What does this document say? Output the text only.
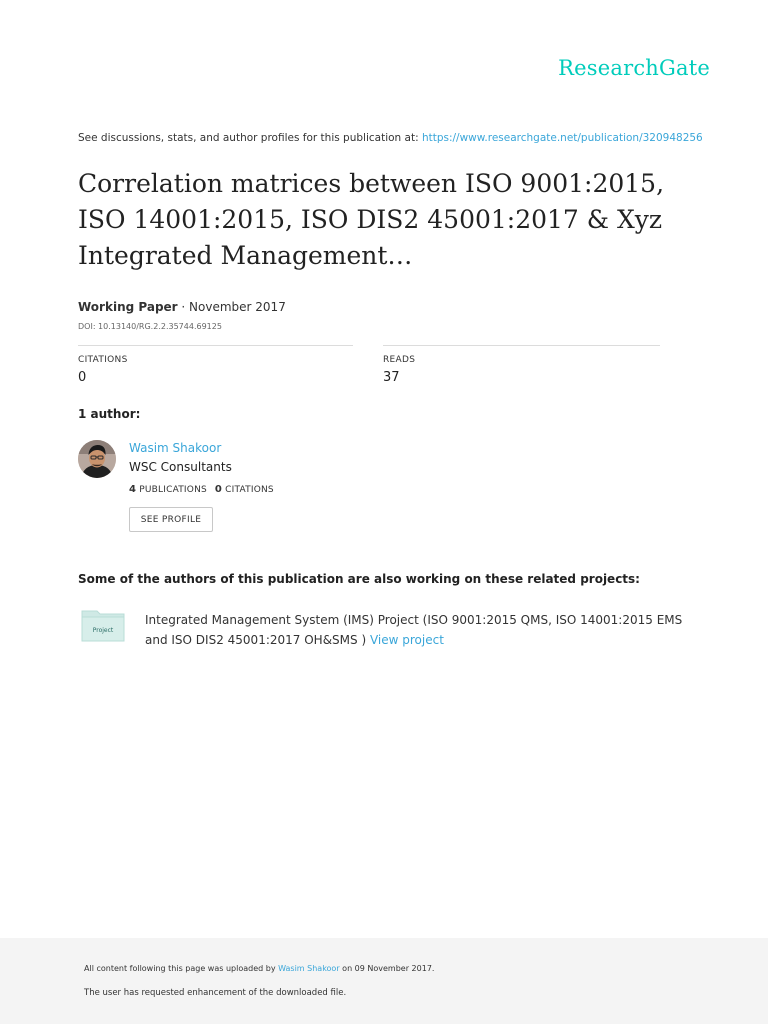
ResearchGate
See discussions, stats, and author profiles for this publication at: https://www.researchgate.net/publication/320948256
Correlation matrices between ISO 9001:2015, ISO 14001:2015, ISO DIS2 45001:2017 & Xyz Integrated Management…
Working Paper · November 2017
DOI: 10.13140/RG.2.2.35744.69125
CITATIONS
0
READS
37
1 author:
Wasim Shakoor
WSC Consultants
4 PUBLICATIONS 0 CITATIONS
SEE PROFILE
Some of the authors of this publication are also working on these related projects:
Project
Integrated Management System (IMS) Project (ISO 9001:2015 QMS, ISO 14001:2015 EMS and ISO DIS2 45001:2017 OH&SMS ) View project
All content following this page was uploaded by Wasim Shakoor on 09 November 2017.
The user has requested enhancement of the downloaded file.
